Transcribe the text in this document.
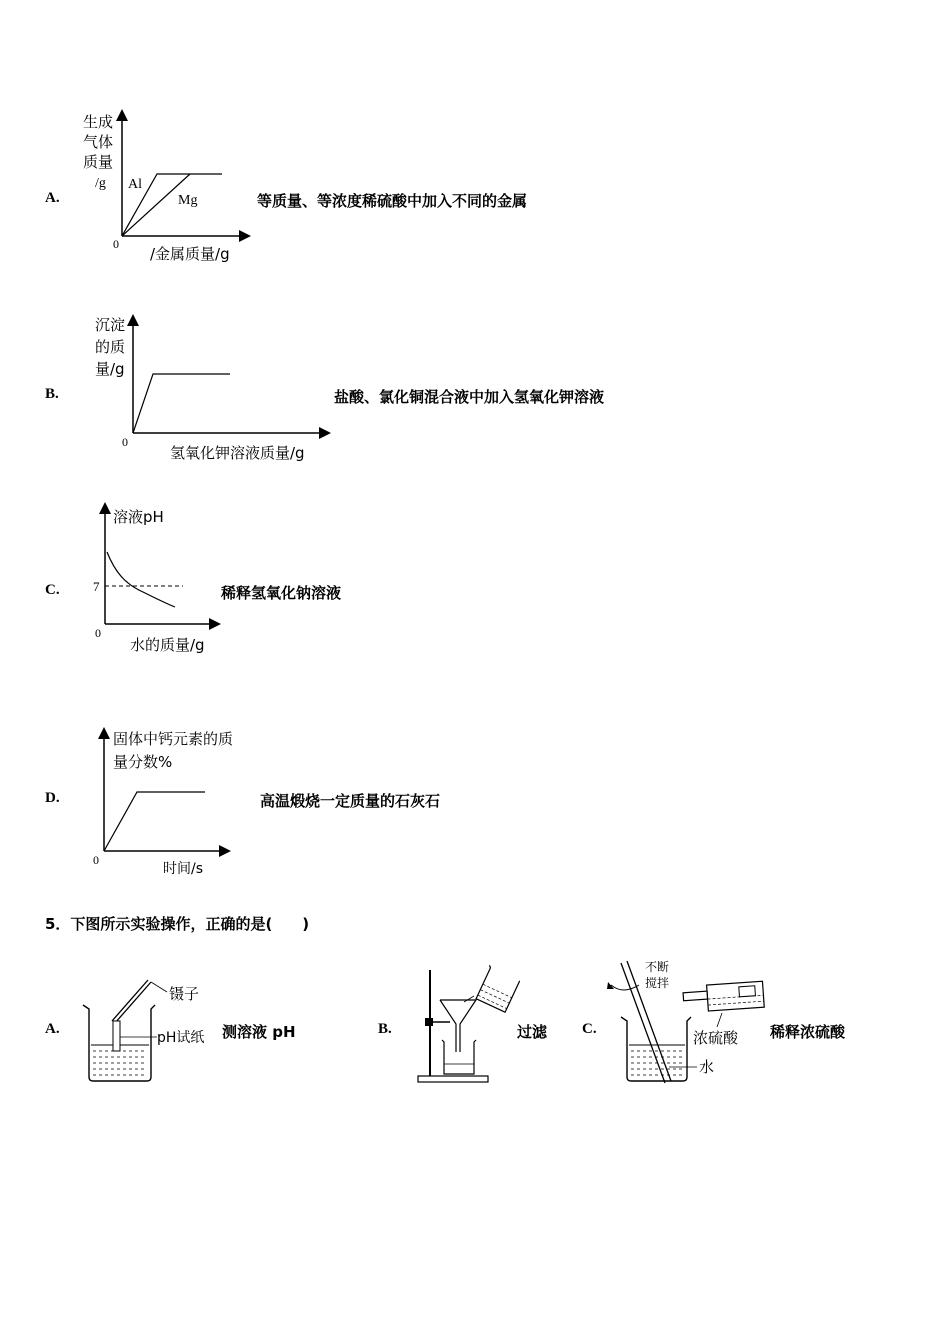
A.
生成
气体
质量
/g Al
Mg
0
/金属质量/g
等质量、等浓度稀硫酸中加入不同的金属
B.
沉淀
的质
量/g
0
氢氧化钾溶液质量/g
盐酸、氯化铜混合液中加入氢氧化钾溶液
C.
溶液pH
7
0
水的质量/g
稀释氢氧化钠溶液
D.
固体中钙元素的质
量分数%
0
时间/s
高温煅烧一定质量的石灰石
5．下图所示实验操作，正确的是(　　)
A.
镊子
pH试纸 测溶液 pH	B.	过滤 C.
不断
搅拌
浓硫酸
水
稀释浓硫酸
